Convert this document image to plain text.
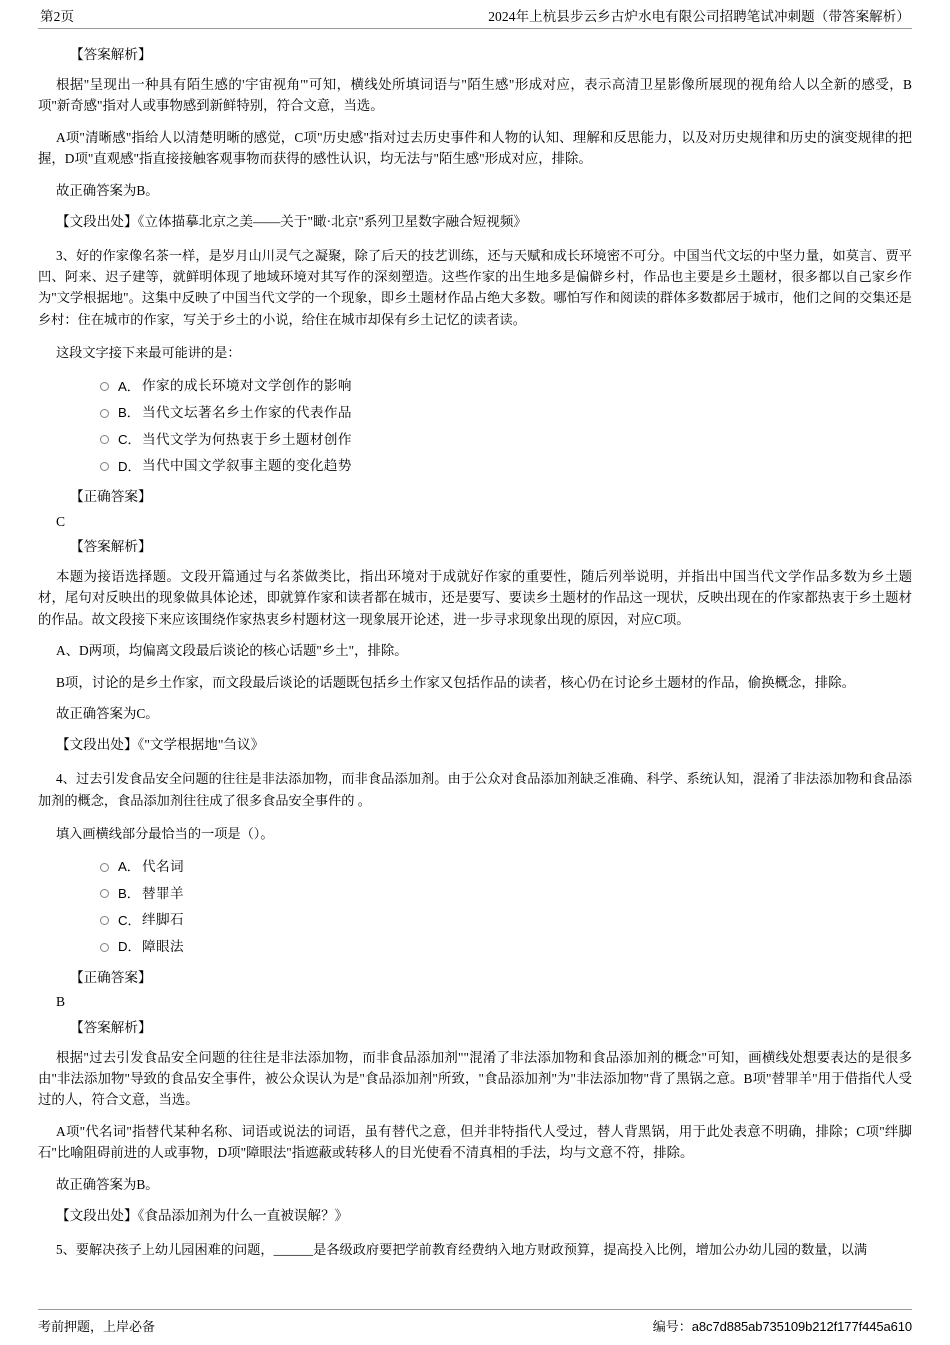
第2页	2024年上杭县步云乡古炉水电有限公司招聘笔试冲刺题（带答案解析）
【答案解析】

根据"呈现出一种具有陌生感的'宇宙视角'"可知，横线处所填词语与"陌生感"形成对应，表示高清卫星影像所展现的视角给人以全新的感受，B项"新奇感"指对人或事物感到新鲜特别，符合文意，当选。

A项"清晰感"指给人以清楚明晰的感觉，C项"历史感"指对过去历史事件和人物的认知、理解和反思能力，以及对历史规律和历史的演变规律的把握，D项"直观感"指直接接触客观事物而获得的感性认识，均无法与"陌生感"形成对应，排除。

故正确答案为B。

【文段出处】《立体描摹北京之美——关于"瞰·北京"系列卫星数字融合短视频》

3、好的作家像名茶一样，是岁月山川灵气之凝聚，除了后天的技艺训练，还与天赋和成长环境密不可分。中国当代文坛的中坚力量，如莫言、贾平凹、阿来、迟子建等，就鲜明体现了地域环境对其写作的深刻塑造。这些作家的出生地多是偏僻乡村，作品也主要是乡土题材，很多都以自己家乡作为"文学根据地"。这集中反映了中国当代文学的一个现象，即乡土题材作品占绝大多数。哪怕写作和阅读的群体多数都居于城市，他们之间的交集还是乡村：住在城市的作家，写关于乡土的小说，给住在城市却保有乡土记忆的读者读。

这段文字接下来最可能讲的是：

A． 作家的成长环境对文学创作的影响
B． 当代文坛著名乡土作家的代表作品
C． 当代文学为何热衷于乡土题材创作
D． 当代中国文学叙事主题的变化趋势
【正确答案】
C
【答案解析】

本题为接语选择题。文段开篇通过与名茶做类比，指出环境对于成就好作家的重要性，随后列举说明，并指出中国当代文学作品多数为乡土题材，尾句对反映出的现象做具体论述，即就算作家和读者都在城市，还是要写、要读乡土题材的作品这一现状，反映出现在的作家都热衷于乡土题材的作品。故文段接下来应该围绕作家热衷乡村题材这一现象展开论述，进一步寻求现象出现的原因，对应C项。

A、D两项，均偏离文段最后谈论的核心话题"乡土"，排除。

B项，讨论的是乡土作家，而文段最后谈论的话题既包括乡土作家又包括作品的读者，核心仍在讨论乡土题材的作品，偷换概念，排除。

故正确答案为C。

【文段出处】《"文学根据地"刍议》

4、过去引发食品安全问题的往往是非法添加物，而非食品添加剂。由于公众对食品添加剂缺乏准确、科学、系统认知，混淆了非法添加物和食品添加剂的概念，食品添加剂往往成了很多食品安全事件的 。

填入画横线部分最恰当的一项是（）。

A． 代名词
B． 替罪羊
C． 绊脚石
D． 障眼法
【正确答案】
B
【答案解析】

根据"过去引发食品安全问题的往往是非法添加物，而非食品添加剂""混淆了非法添加物和食品添加剂的概念"可知，画横线处想要表达的是很多由"非法添加物"导致的食品安全事件，被公众误认为是"食品添加剂"所致，"食品添加剂"为"非法添加物"背了黑锅之意。B项"替罪羊"用于借指代人受过的人，符合文意，当选。

A项"代名词"指替代某种名称、词语或说法的词语，虽有替代之意，但并非特指代人受过，替人背黑锅，用于此处表意不明确，排除；C项"绊脚石"比喻阻碍前进的人或事物，D项"障眼法"指遮蔽或转移人的目光使看不清真相的手法，均与文意不符，排除。

故正确答案为B。

【文段出处】《食品添加剂为什么一直被误解？》

5、要解决孩子上幼儿园困难的问题，______是各级政府要把学前教育经费纳入地方财政预算，提高投入比例，增加公办幼儿园的数量，以满

考前押题，上岸必备	编号：a8c7d885ab735109b212f177f445a610
